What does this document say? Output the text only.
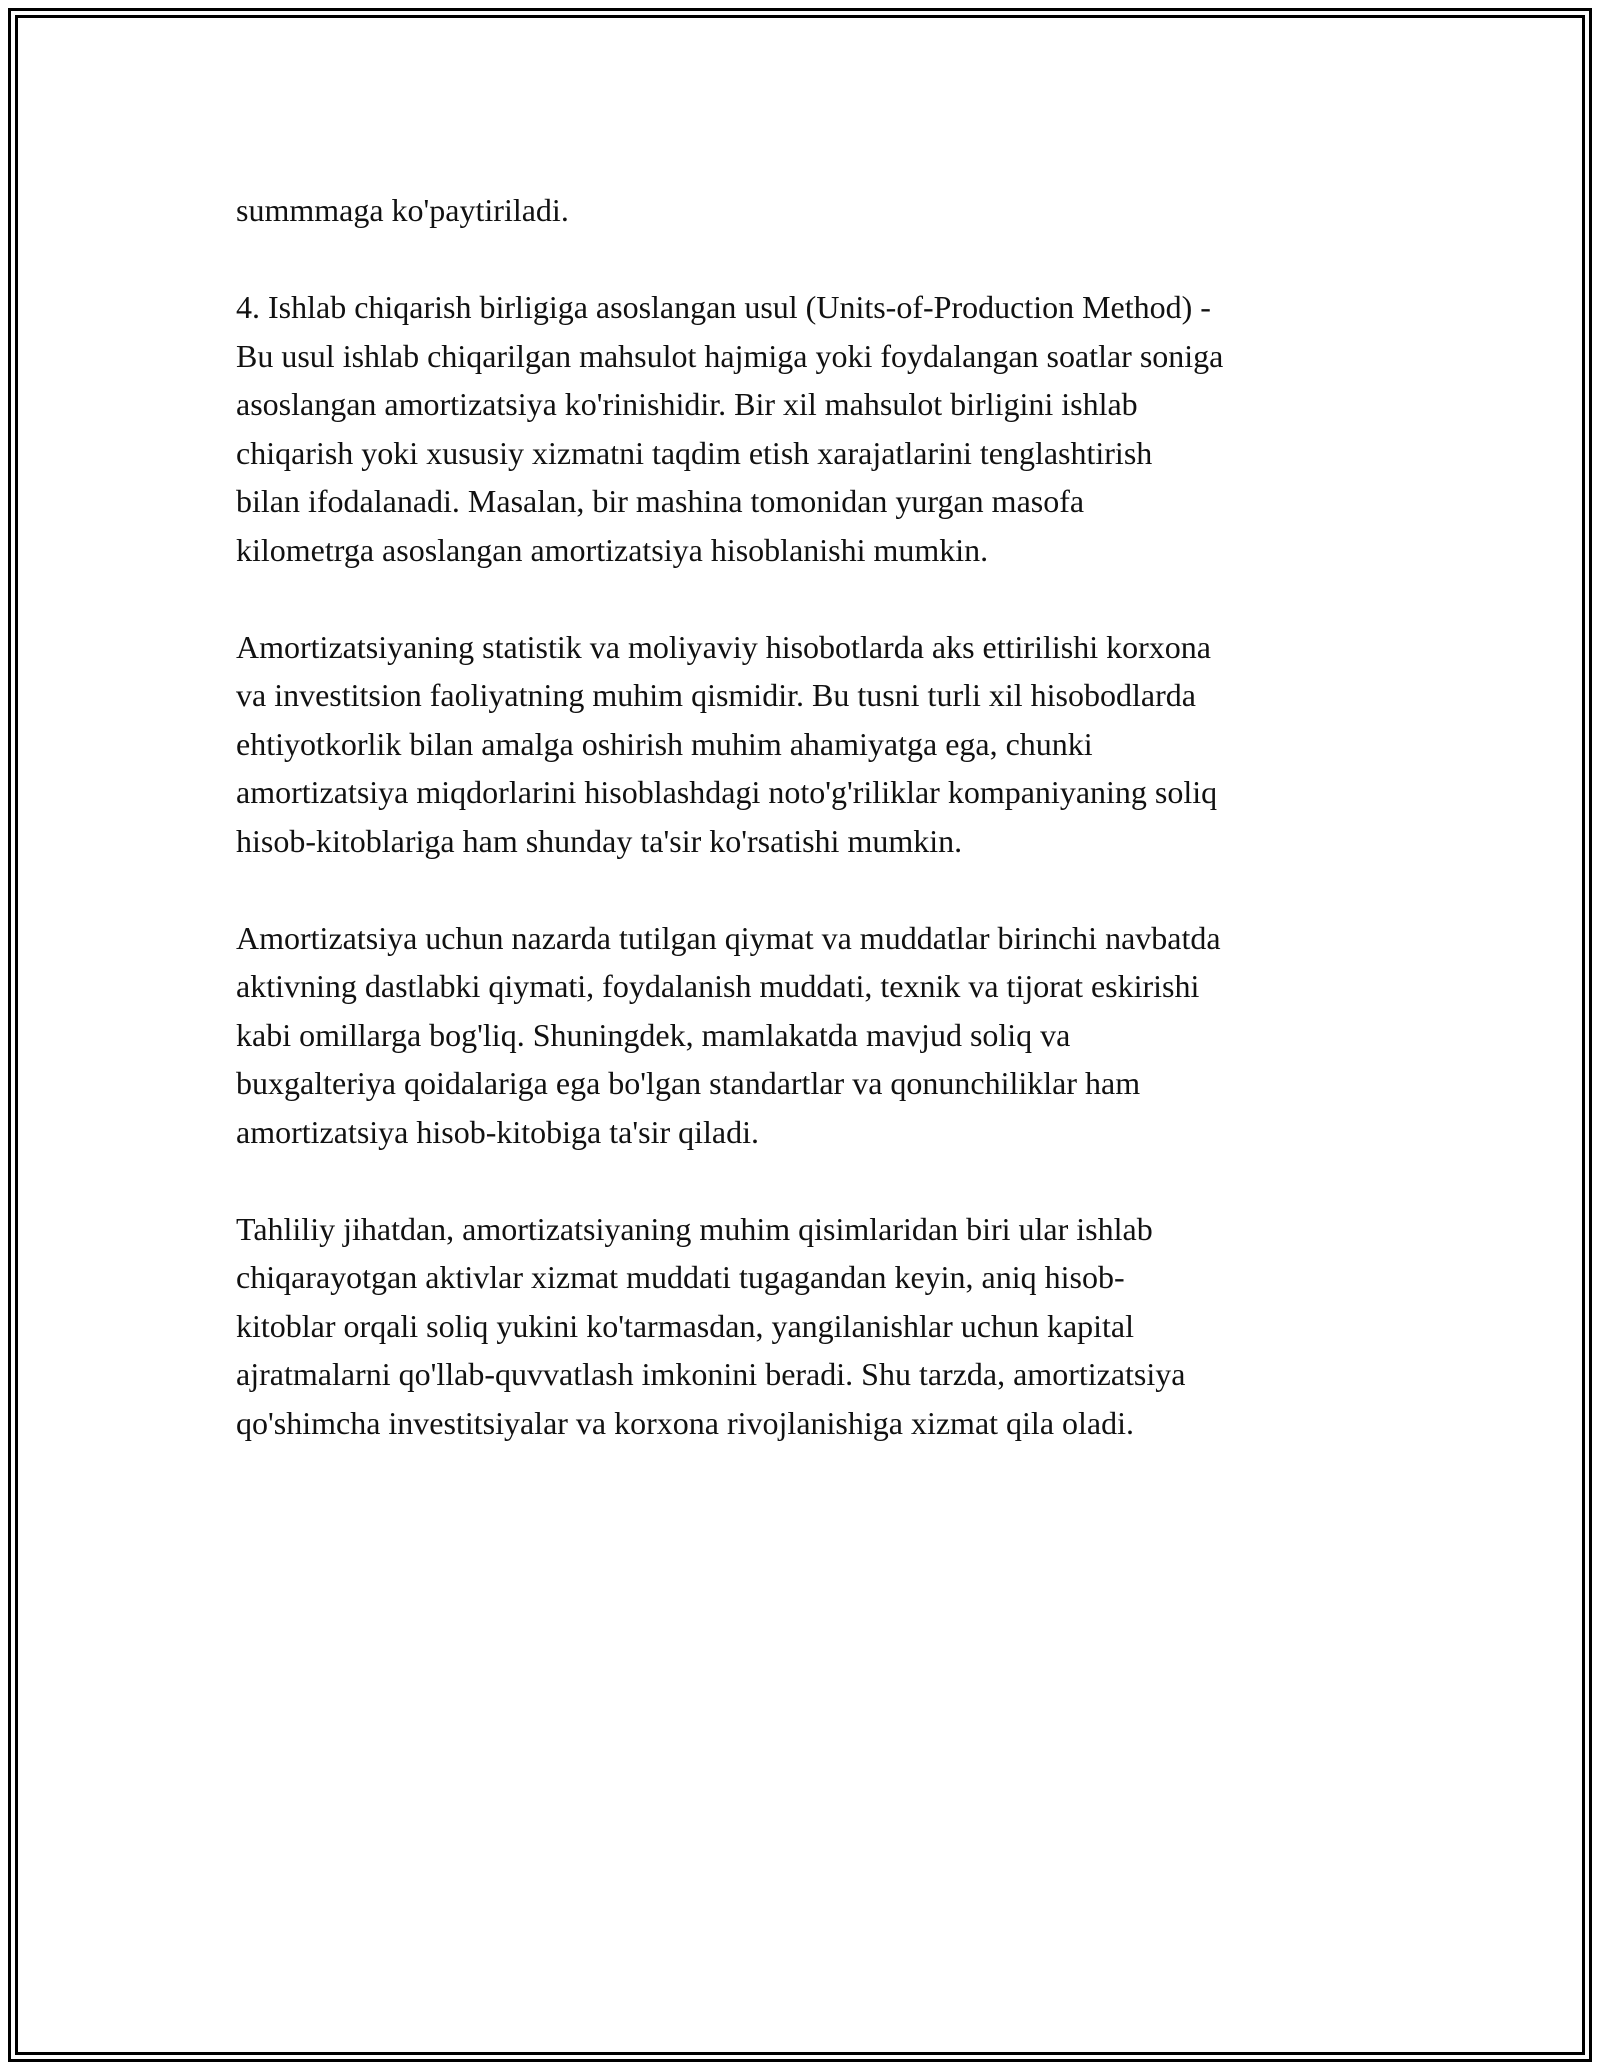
summmaga ko'paytiriladi.

4. Ishlab chiqarish birligiga asoslangan usul (Units-of-Production Method) -
Bu usul ishlab chiqarilgan mahsulot hajmiga yoki foydalangan soatlar soniga
asoslangan amortizatsiya ko'rinishidir. Bir xil mahsulot birligini ishlab
chiqarish yoki xususiy xizmatni taqdim etish xarajatlarini tenglashtirish
bilan ifodalanadi. Masalan, bir mashina tomonidan yurgan masofa
kilometrga asoslangan amortizatsiya hisoblanishi mumkin.

Amortizatsiyaning statistik va moliyaviy hisobotlarda aks ettirilishi korxona
va investitsion faoliyatning muhim qismidir. Bu tusni turli xil hisobodlarda
ehtiyotkorlik bilan amalga oshirish muhim ahamiyatga ega, chunki
amortizatsiya miqdorlarini hisoblashdagi noto'g'riliklar kompaniyaning soliq
hisob-kitoblariga ham shunday ta'sir ko'rsatishi mumkin.

Amortizatsiya uchun nazarda tutilgan qiymat va muddatlar birinchi navbatda
aktivning dastlabki qiymati, foydalanish muddati, texnik va tijorat eskirishi
kabi omillarga bog'liq. Shuningdek, mamlakatda mavjud soliq va
buxgalteriya qoidalariga ega bo'lgan standartlar va qonunchiliklar ham
amortizatsiya hisob-kitobiga ta'sir qiladi.

Tahliliy jihatdan, amortizatsiyaning muhim qisimlaridan biri ular ishlab
chiqarayotgan aktivlar xizmat muddati tugagandan keyin, aniq hisob-
kitoblar orqali soliq yukini ko'tarmasdan, yangilanishlar uchun kapital
ajratmalarni qo'llab-quvvatlash imkonini beradi. Shu tarzda, amortizatsiya
qo'shimcha investitsiyalar va korxona rivojlanishiga xizmat qila oladi.
